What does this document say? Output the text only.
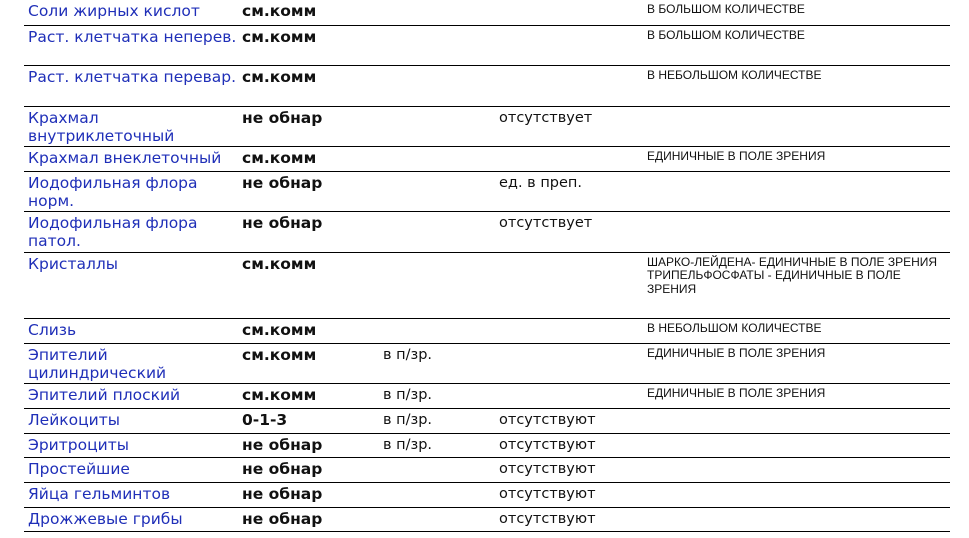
Соли жирных кислот	см.комм			В БОЛЬШОМ КОЛИЧЕСТВЕ

Раст. клетчатка неперев.	см.комм			В БОЛЬШОМ КОЛИЧЕСТВЕ

Раст. клетчатка перевар.	см.комм			В НЕБОЛЬШОМ КОЛИЧЕСТВЕ

Крахмал внутриклеточный	не обнар		отсутствует	

Крахмал внеклеточный	см.комм			ЕДИНИЧНЫЕ В ПОЛЕ ЗРЕНИЯ

Иодофильная флора норм.	не обнар		ед. в преп.	

Иодофильная флора патол.	не обнар		отсутствует	

Кристаллы	см.комм			ШАРКО-ЛЕЙДЕНА- ЕДИНИЧНЫЕ В ПОЛЕ ЗРЕНИЯ
ТРИПЕЛЬФОСФАТЫ - ЕДИНИЧНЫЕ В ПОЛЕ ЗРЕНИЯ

Слизь	см.комм			В НЕБОЛЬШОМ КОЛИЧЕСТВЕ

Эпителий цилиндрический	см.комм	в п/зр.		ЕДИНИЧНЫЕ В ПОЛЕ ЗРЕНИЯ

Эпителий плоский	см.комм	в п/зр.		ЕДИНИЧНЫЕ В ПОЛЕ ЗРЕНИЯ

Лейкоциты	0-1-3	в п/зр.	отсутствуют	

Эритроциты	не обнар	в п/зр.	отсутствуют	

Простейшие	не обнар		отсутствуют	

Яйца гельминтов	не обнар		отсутствуют	

Дрожжевые грибы	не обнар		отсутствуют	
